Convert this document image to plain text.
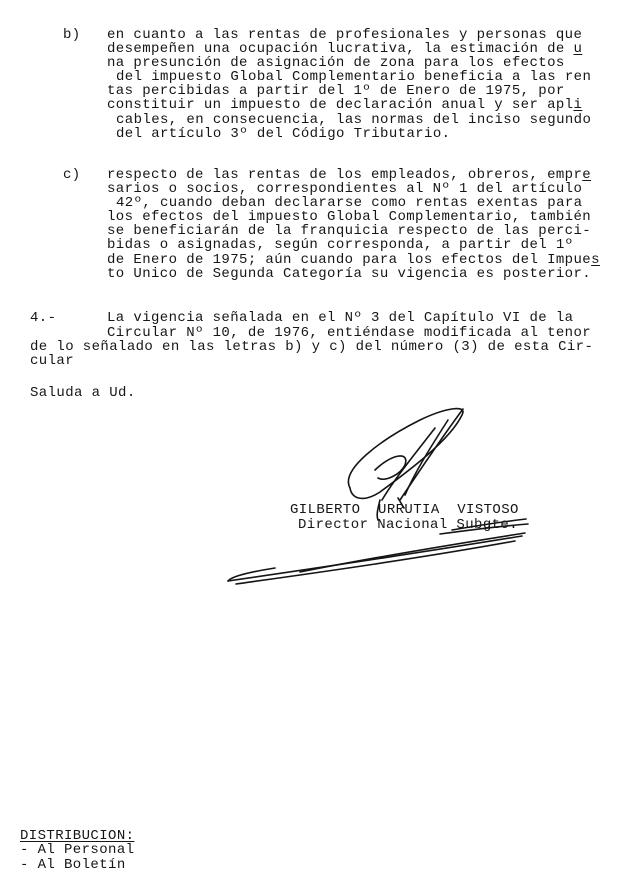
b) en cuanto a las rentas de profesionales y personas que
desempeñen una ocupación lucrativa, la estimación de u
na presunción de asignación de zona para los efectos
del impuesto Global Complementario beneficia a las ren
tas percibidas a partir del 1º de Enero de 1975, por
constituir un impuesto de declaración anual y ser apli
cables, en consecuencia, las normas del inciso segundo
del artículo 3º del Código Tributario.
c) respecto de las rentas de los empleados, obreros, empre
sarios o socios, correspondientes al Nº 1 del artículo
42º, cuando deban declararse como rentas exentas para
los efectos del impuesto Global Complementario, también
se beneficiarán de la franquicia respecto de las perci-
bidas o asignadas, según corresponda, a partir del 1º
de Enero de 1975; aún cuando para los efectos del Impues
to Unico de Segunda Categoría su vigencia es posterior.
4.-	La vigencia señalada en el Nº 3 del Capítulo VI de la
Circular Nº 10, de 1976, entiéndase modificada al tenor
de lo señalado en las letras b) y c) del número (3) de esta Cir-
cular
Saluda a Ud.
GILBERTO URRUTIA VISTOSO
Director Nacional Subgte.
DISTRIBUCION:
- Al Personal
- Al Boletín
